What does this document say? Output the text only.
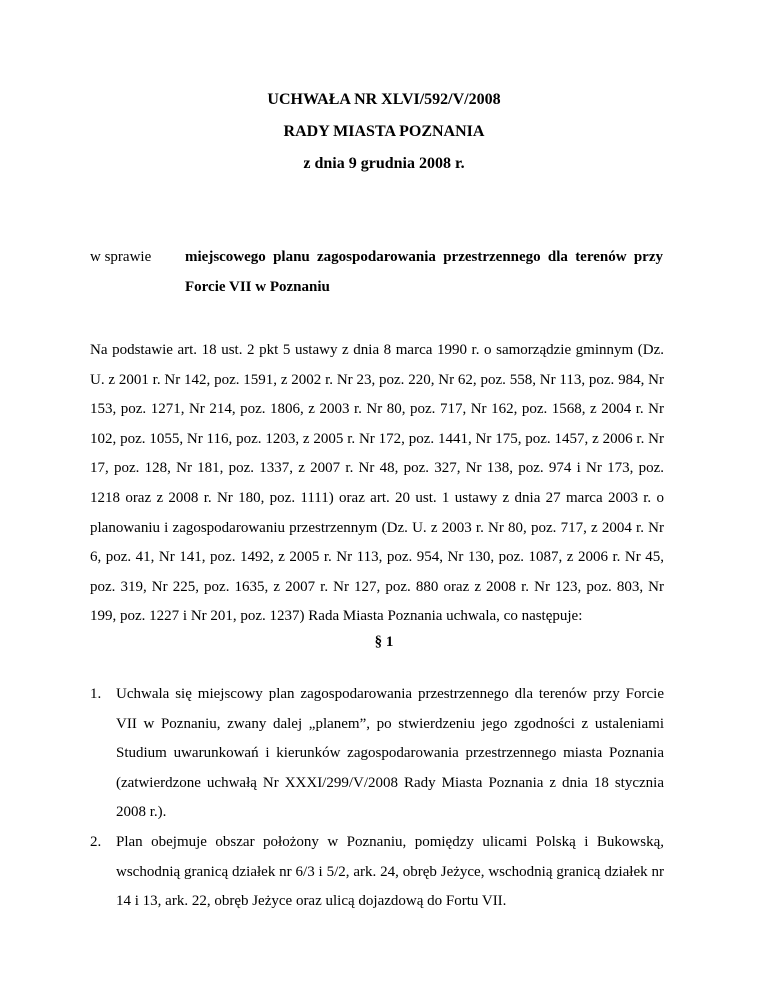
UCHWAŁA NR XLVI/592/V/2008
RADY MIASTA POZNANIA
z dnia 9 grudnia 2008 r.
w sprawie miejscowego planu zagospodarowania przestrzennego dla terenów przy Forcie VII w Poznaniu
Na podstawie art. 18 ust. 2 pkt 5 ustawy z dnia 8 marca 1990 r. o samorządzie gminnym (Dz. U. z 2001 r. Nr 142, poz. 1591, z 2002 r. Nr 23, poz. 220, Nr 62, poz. 558, Nr 113, poz. 984, Nr 153, poz. 1271, Nr 214, poz. 1806, z 2003 r. Nr 80, poz. 717, Nr 162, poz. 1568, z 2004 r. Nr 102, poz. 1055, Nr 116, poz. 1203, z 2005 r. Nr 172, poz. 1441, Nr 175, poz. 1457, z 2006 r. Nr 17, poz. 128, Nr 181, poz. 1337, z 2007 r. Nr 48, poz. 327, Nr 138, poz. 974 i Nr 173, poz. 1218 oraz z 2008 r. Nr 180, poz. 1111) oraz art. 20 ust. 1 ustawy z dnia 27 marca 2003 r. o planowaniu i zagospodarowaniu przestrzennym (Dz. U. z 2003 r. Nr 80, poz. 717, z 2004 r. Nr 6, poz. 41, Nr 141, poz. 1492, z 2005 r. Nr 113, poz. 954, Nr 130, poz. 1087, z 2006 r. Nr 45, poz. 319, Nr 225, poz. 1635, z 2007 r. Nr 127, poz. 880 oraz z 2008 r. Nr 123, poz. 803, Nr 199, poz. 1227 i Nr 201, poz. 1237) Rada Miasta Poznania uchwala, co następuje:
§ 1
1. Uchwala się miejscowy plan zagospodarowania przestrzennego dla terenów przy Forcie VII w Poznaniu, zwany dalej „planem”, po stwierdzeniu jego zgodności z ustaleniami Studium uwarunkowań i kierunków zagospodarowania przestrzennego miasta Poznania (zatwierdzone uchwałą Nr XXXI/299/V/2008 Rady Miasta Poznania z dnia 18 stycznia 2008 r.).
2. Plan obejmuje obszar położony w Poznaniu, pomiędzy ulicami Polską i Bukowską, wschodnią granicą działek nr 6/3 i 5/2, ark. 24, obręb Jeżyce, wschodnią granicą działek nr 14 i 13, ark. 22, obręb Jeżyce oraz ulicą dojazdową do Fortu VII.
